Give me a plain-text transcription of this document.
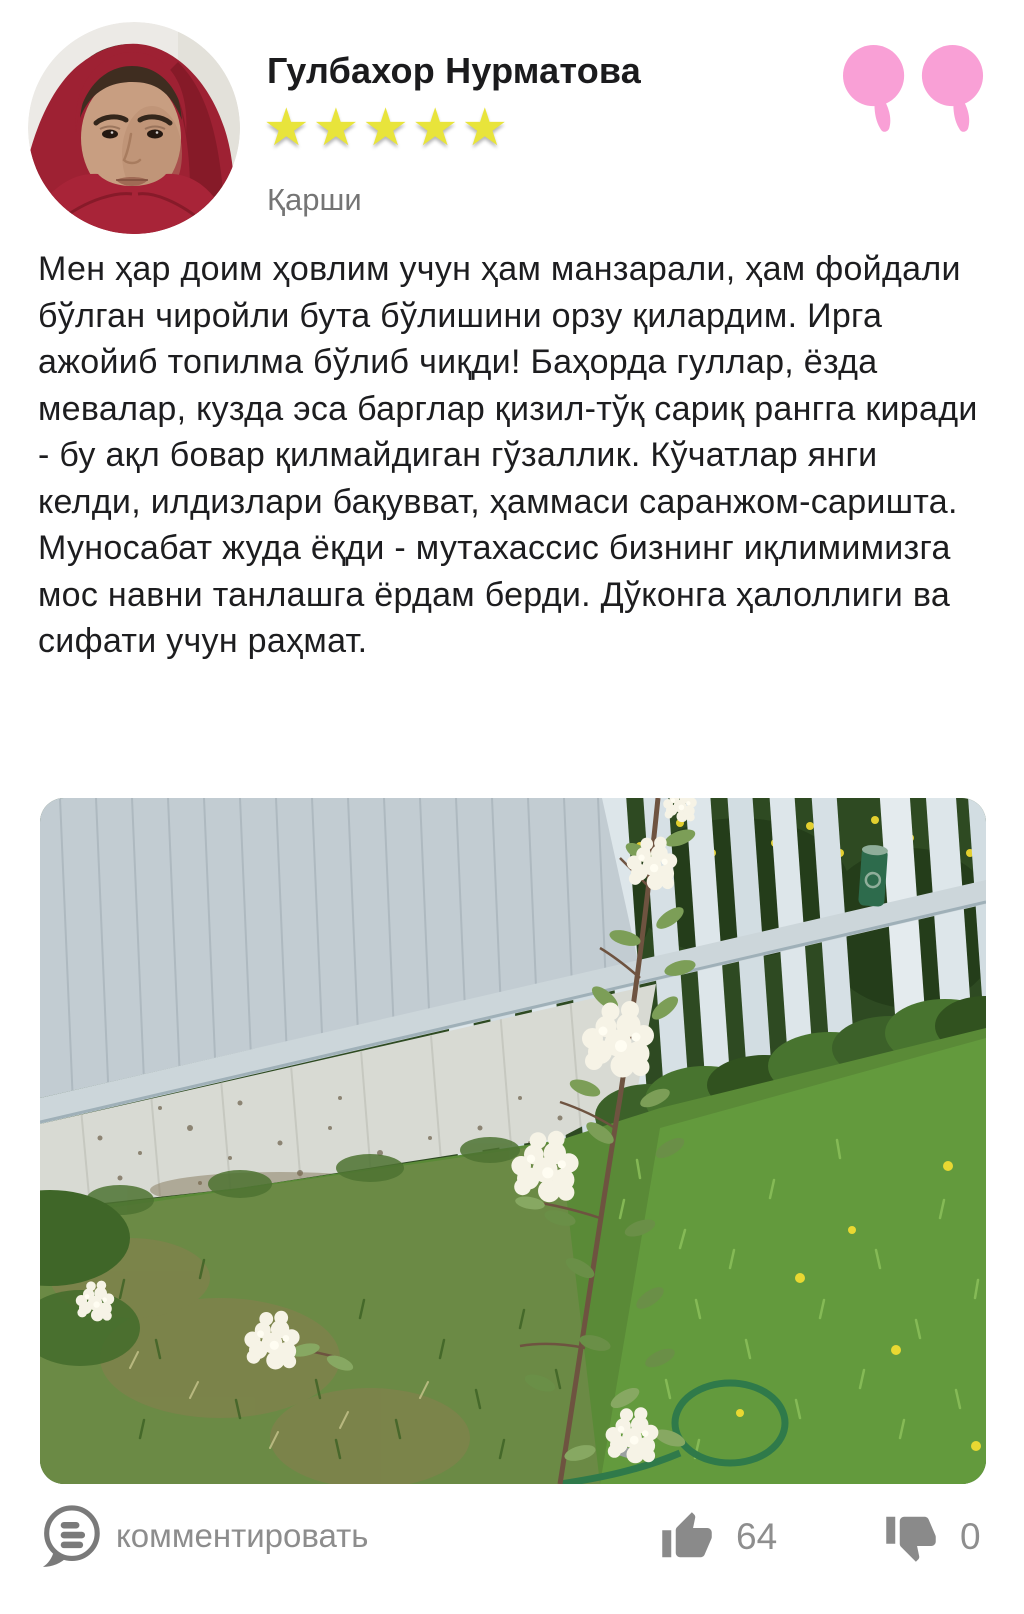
Гулбахор Нурматова
★★★★★
Қарши
Мен ҳар доим ҳовлим учун ҳам манзарали, ҳам фойдали бўлган чиройли бута бўлишини орзу қилардим. Ирга ажойиб топилма бўлиб чиқди! Баҳорда гуллар, ёзда мевалар, кузда эса барглар қизил-тўқ сариқ рангга киради - бу ақл бовар қилмайдиган гўзаллик. Кўчатлар янги келди, илдизлари бақувват, ҳаммаси саранжом-саришта. Муносабат жуда ёқди - мутахассис бизнинг иқлимимизга мос навни танлашга ёрдам берди. Дўконга ҳалоллиги ва сифати учун раҳмат.
комментировать	64	0
